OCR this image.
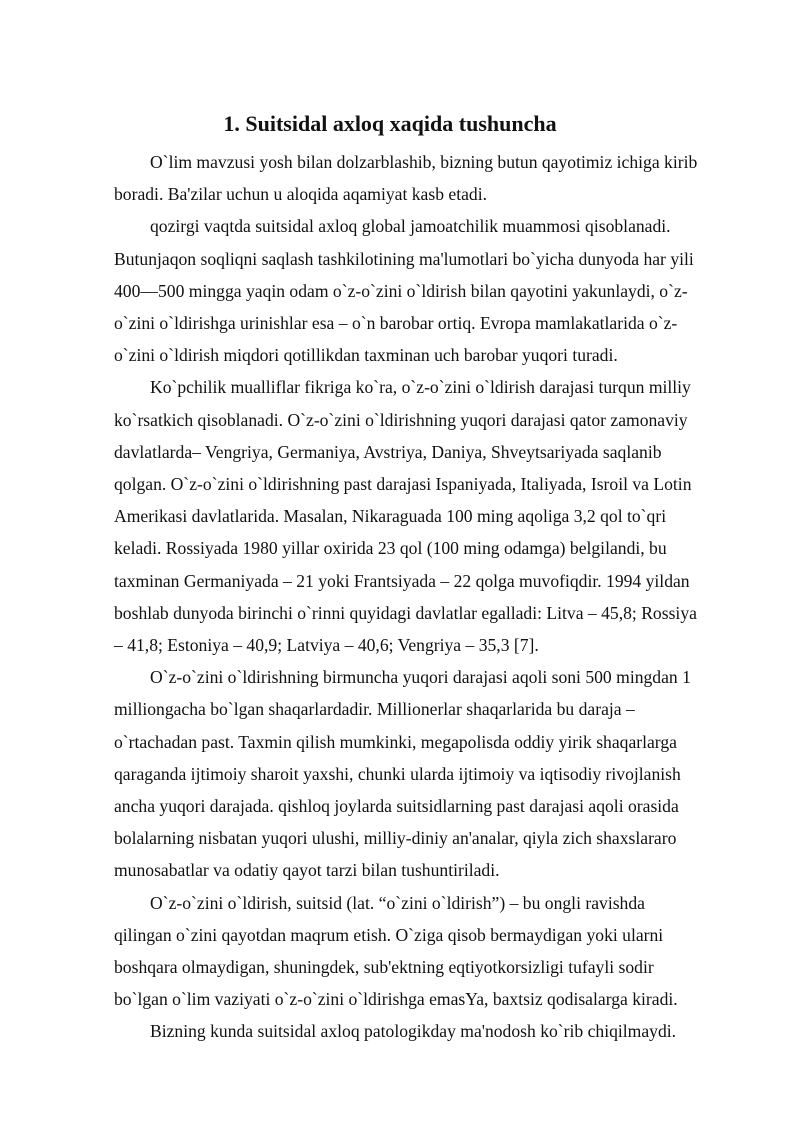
1. Suitsidal axloq xaqida tushuncha

O`lim mavzusi yosh bilan dolzarblashib, bizning butun qayotimiz ichiga kirib
boradi. Ba'zilar uchun u aloqida aqamiyat kasb etadi.

qozirgi vaqtda suitsidal axloq global jamoatchilik muammosi qisoblanadi.
Butunjaqon soqliqni saqlash tashkilotining ma'lumotlari bo`yicha dunyoda har yili
400—500 mingga yaqin odam o`z-o`zini o`ldirish bilan qayotini yakunlaydi, o`z-
o`zini o`ldirishga urinishlar esa – o`n barobar ortiq. Evropa mamlakatlarida o`z-
o`zini o`ldirish miqdori qotillikdan taxminan uch barobar yuqori turadi.

Ko`pchilik mualliflar fikriga ko`ra, o`z-o`zini o`ldirish darajasi turqun milliy
ko`rsatkich qisoblanadi. O`z-o`zini o`ldirishning yuqori darajasi qator zamonaviy
davlatlarda– Vengriya, Germaniya, Avstriya, Daniya, Shveytsariyada saqlanib
qolgan. O`z-o`zini o`ldirishning past darajasi Ispaniyada, Italiyada, Isroil va Lotin
Amerikasi davlatlarida. Masalan, Nikaraguada 100 ming aqoliga 3,2 qol to`qri
keladi. Rossiyada 1980 yillar oxirida 23 qol (100 ming odamga) belgilandi, bu
taxminan Germaniyada – 21 yoki Frantsiyada – 22 qolga muvofiqdir. 1994 yildan
boshlab dunyoda birinchi o`rinni quyidagi davlatlar egalladi: Litva – 45,8; Rossiya
– 41,8; Estoniya – 40,9; Latviya – 40,6; Vengriya – 35,3 [7].

O`z-o`zini o`ldirishning birmuncha yuqori darajasi aqoli soni 500 mingdan 1
milliongacha bo`lgan shaqarlardadir. Millionerlar shaqarlarida bu daraja –
o`rtachadan past. Taxmin qilish mumkinki, megapolisda oddiy yirik shaqarlarga
qaraganda ijtimoiy sharoit yaxshi, chunki ularda ijtimoiy va iqtisodiy rivojlanish
ancha yuqori darajada. qishloq joylarda suitsidlarning past darajasi aqoli orasida
bolalarning nisbatan yuqori ulushi, milliy-diniy an'analar, qiyla zich shaxslararo
munosabatlar va odatiy qayot tarzi bilan tushuntiriladi.

O`z-o`zini o`ldirish, suitsid (lat. “o`zini o`ldirish”) – bu ongli ravishda
qilingan o`zini qayotdan maqrum etish. O`ziga qisob bermaydigan yoki ularni
boshqara olmaydigan, shuningdek, sub'ektning eqtiyotkorsizligi tufayli sodir
bo`lgan o`lim vaziyati o`z-o`zini o`ldirishga emasYa, baxtsiz qodisalarga kiradi.

Bizning kunda suitsidal axloq patologikday ma'nodosh ko`rib chiqilmaydi.
